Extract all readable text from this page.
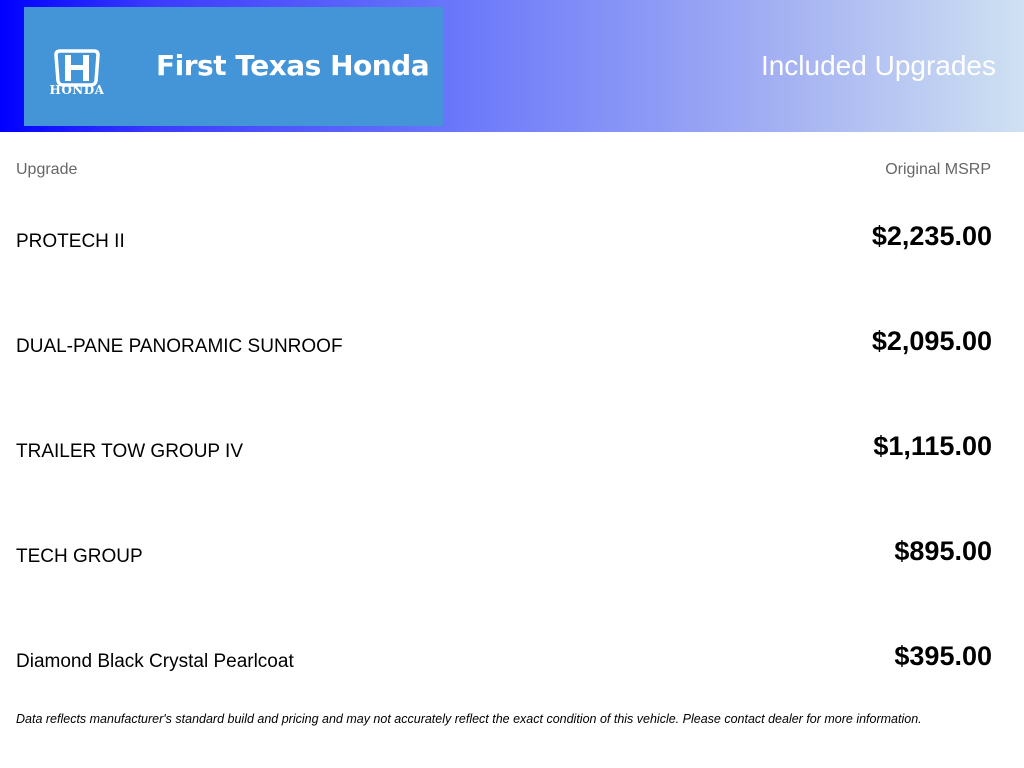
HONDA
First Texas Honda	Included Upgrades
Upgrade	Original MSRP
PROTECH II	$2,235.00
DUAL-PANE PANORAMIC SUNROOF	$2,095.00
TRAILER TOW GROUP IV	$1,115.00
TECH GROUP	$895.00
Diamond Black Crystal Pearlcoat	$395.00
Data reflects manufacturer's standard build and pricing and may not accurately reflect the exact condition of this vehicle. Please contact dealer for more information.
